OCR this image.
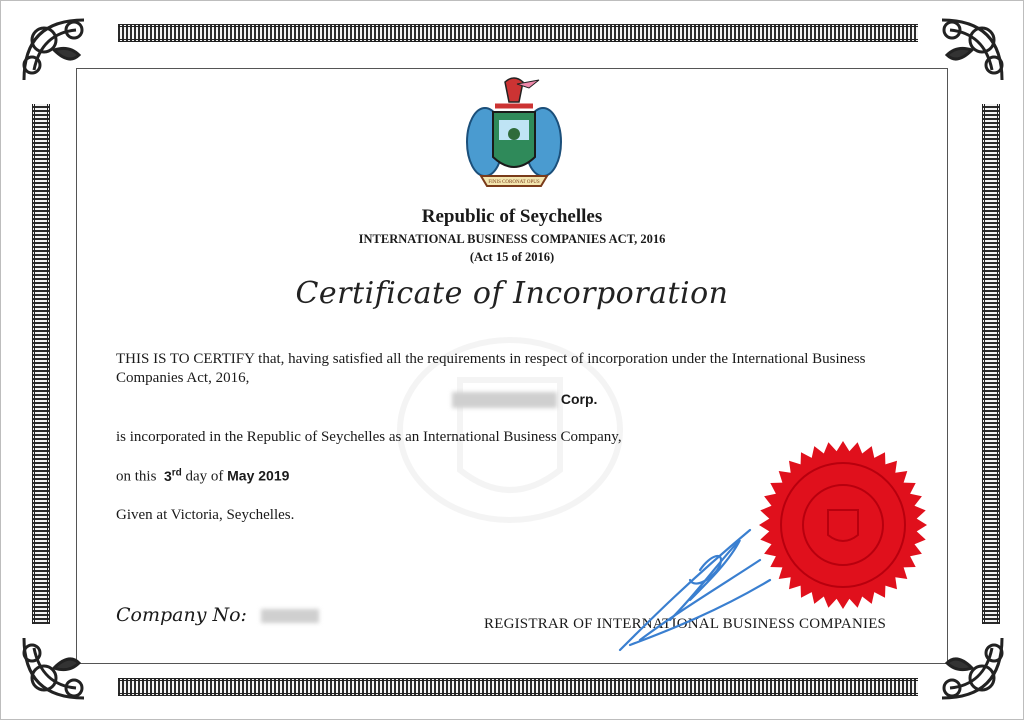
FINIS CORONAT OPUS
Republic of Seychelles
INTERNATIONAL BUSINESS COMPANIES ACT, 2016
(Act 15 of 2016)
Certificate of Incorporation
THIS IS TO CERTIFY that, having satisfied all the requirements in respect of incorporation under the International Business Companies Act, 2016,
Corp.
is incorporated in the Republic of Seychelles as an International Business Company,
on this 3rd day of May 2019
Given at Victoria, Seychelles.
Company No:	REGISTRAR OF INTERNATIONAL BUSINESS COMPANIES
